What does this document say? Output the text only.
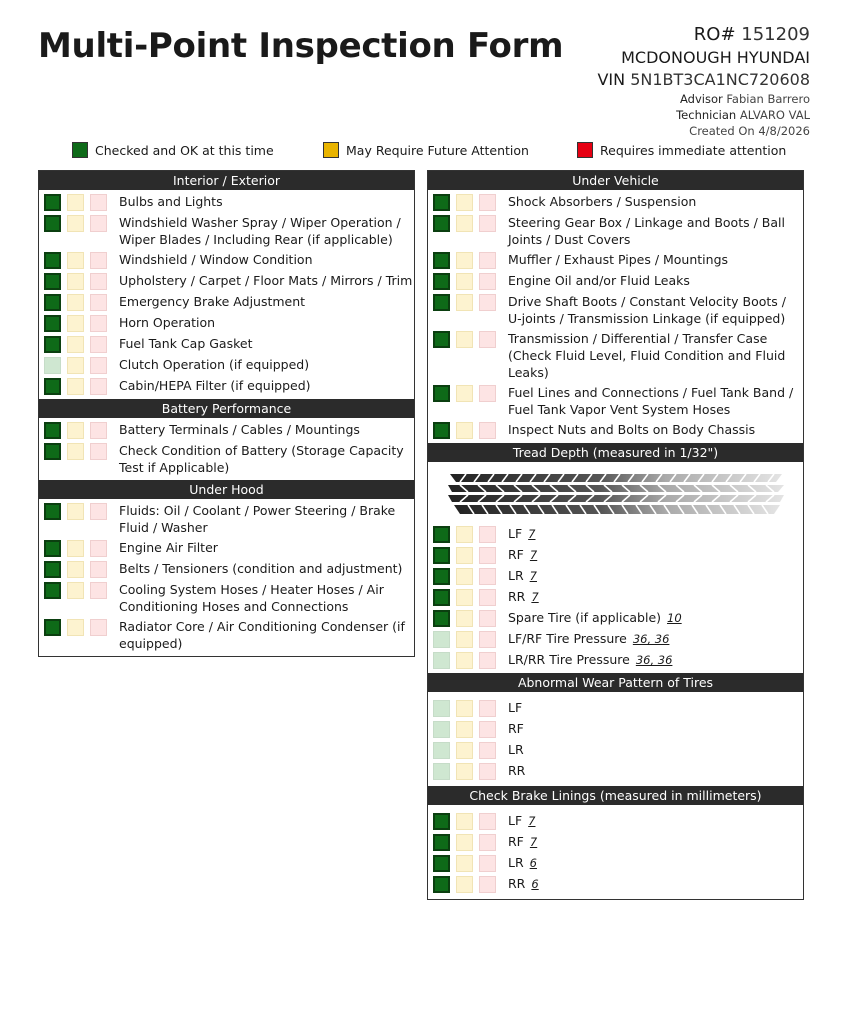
Multi-Point Inspection Form	RO# 151209
MCDONOUGH HYUNDAI
VIN 5N1BT3CA1NC720608
Advisor Fabian Barrero
Technician ALVARO VAL
Created On 4/8/2026
Checked and OK at this time	May Require Future Attention	Requires immediate attention
Interior / Exterior
Bulbs and Lights
Windshield Washer Spray / Wiper Operation / Wiper Blades / Including Rear (if applicable)
Windshield / Window Condition
Upholstery / Carpet / Floor Mats / Mirrors / Trim
Emergency Brake Adjustment
Horn Operation
Fuel Tank Cap Gasket
Clutch Operation (if equipped)
Cabin/HEPA Filter (if equipped)
Battery Performance
Battery Terminals / Cables / Mountings
Check Condition of Battery (Storage Capacity Test if Applicable)
Under Hood
Fluids: Oil / Coolant / Power Steering / Brake Fluid / Washer
Engine Air Filter
Belts / Tensioners (condition and adjustment)
Cooling System Hoses / Heater Hoses / Air Conditioning Hoses and Connections
Radiator Core / Air Conditioning Condenser (if equipped)
Under Vehicle
Shock Absorbers / Suspension
Steering Gear Box / Linkage and Boots / Ball Joints / Dust Covers
Muffler / Exhaust Pipes / Mountings
Engine Oil and/or Fluid Leaks
Drive Shaft Boots / Constant Velocity Boots / U-joints / Transmission Linkage (if equipped)
Transmission / Differential / Transfer Case (Check Fluid Level, Fluid Condition and Fluid Leaks)
Fuel Lines and Connections / Fuel Tank Band / Fuel Tank Vapor Vent System Hoses
Inspect Nuts and Bolts on Body Chassis
Tread Depth (measured in 1/32")
LF 7
RF 7
LR 7
RR 7
Spare Tire (if applicable) 10
LF/RF Tire Pressure 36, 36
LR/RR Tire Pressure 36, 36
Abnormal Wear Pattern of Tires
LF
RF
LR
RR
Check Brake Linings (measured in millimeters)
LF 7
RF 7
LR 6
RR 6
